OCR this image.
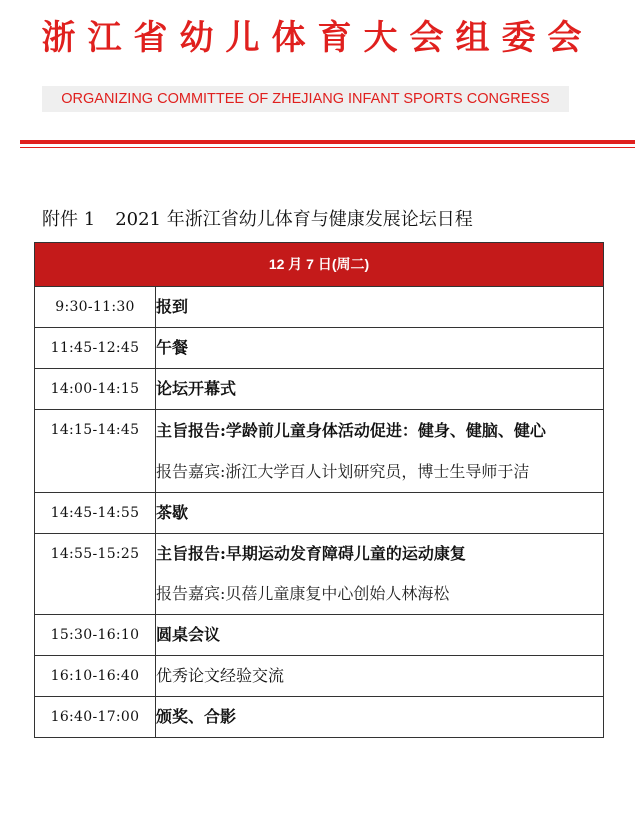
浙江省幼儿体育大会组委会
ORGANIZING COMMITTEE OF ZHEJIANG INFANT SPORTS CONGRESS
附件 1 2021 年浙江省幼儿体育与健康发展论坛日程
12 月 7 日(周二)	
9:30-11:30	报到

11:45-12:45	午餐

14:00-14:15	论坛开幕式

14:15-14:45	主旨报告:学龄前儿童身体活动促进：健身、健脑、健心
报告嘉宾:浙江大学百人计划研究员，博士生导师于洁

14:45-14:55	茶歇

14:55-15:25	主旨报告:早期运动发育障碍儿童的运动康复
报告嘉宾:贝蓓儿童康复中心创始人林海松

15:30-16:10	圆桌会议

16:10-16:40	优秀论文经验交流

16:40-17:00	颁奖、合影
